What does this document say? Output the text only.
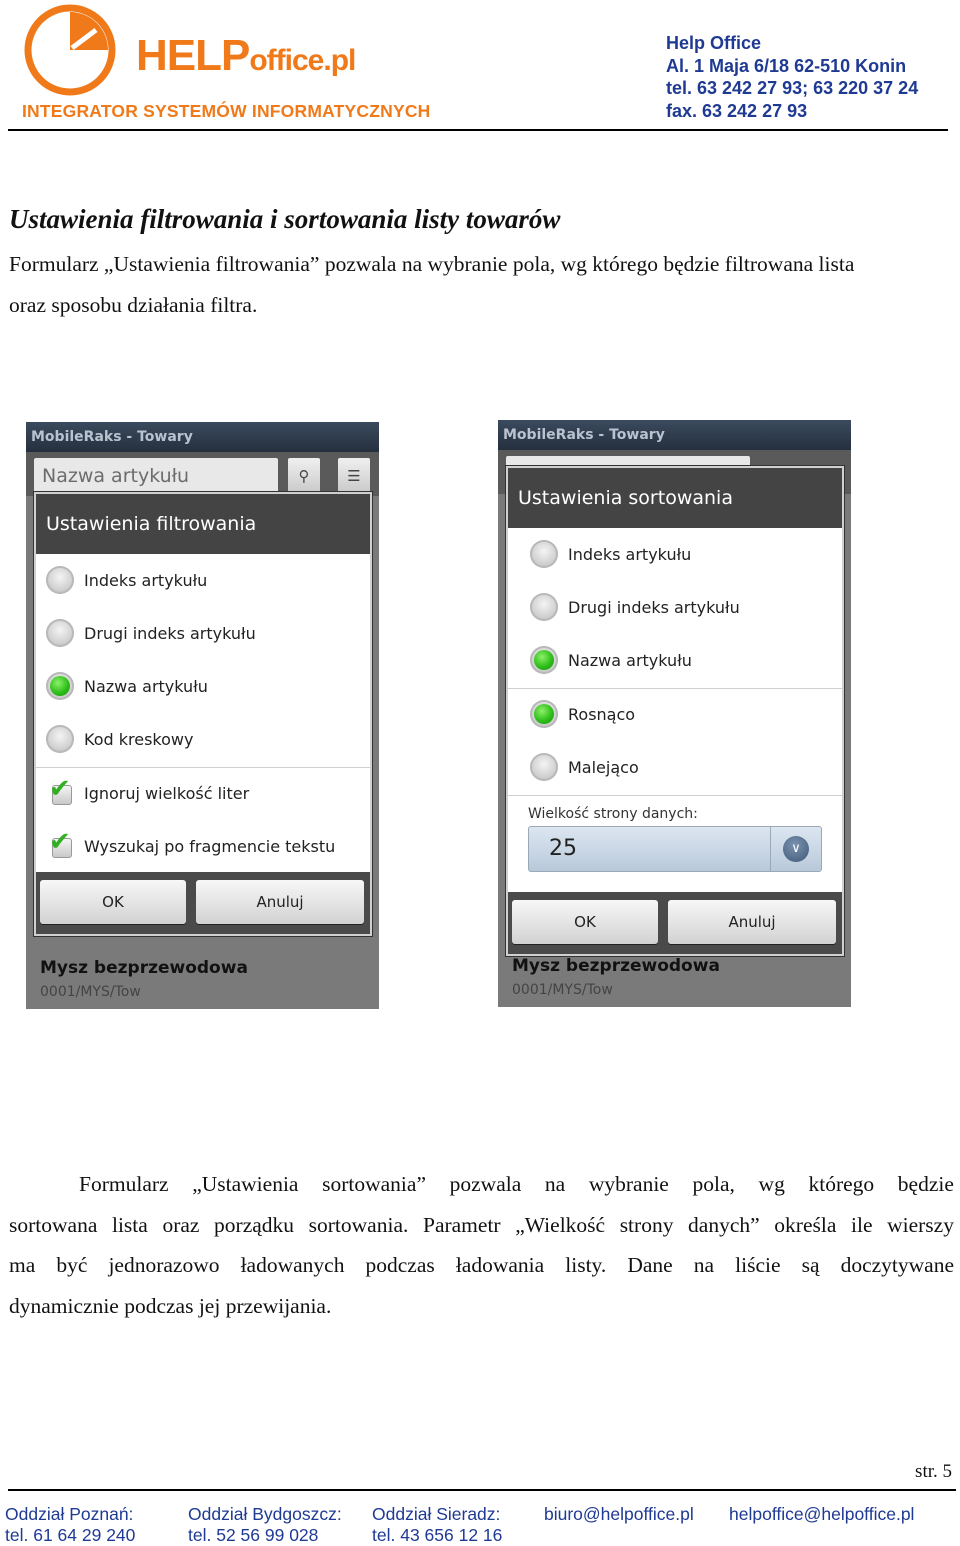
HELPoffice.pl
INTEGRATOR SYSTEMÓW INFORMATYCZNYCH
Help Office
Al. 1 Maja 6/18 62-510 Konin
tel. 63 242 27 93; 63 220 37 24
fax. 63 242 27 93
Ustawienia filtrowania i sortowania listy towarów
Formularz „Ustawienia filtrowania” pozwala na wybranie pola, wg którego będzie filtrowana lista
oraz sposobu działania filtra.
MobileRaks - Towary
Nazwa artykułu	⚲	☰
Mysz bezprzewodowa
0001/MYS/Tow
Ustawienia filtrowania
Indeks artykułu
Drugi indeks artykułu
Nazwa artykułu
Kod kreskowy
✔ Ignoruj wielkość liter
✔ Wyszukaj po fragmencie tekstu
OK	Anuluj
MobileRaks - Towary
Mysz bezprzewodowa
0001/MYS/Tow
Ustawienia sortowania
Indeks artykułu
Drugi indeks artykułu
Nazwa artykułu
Rosnąco
Malejąco
Wielkość strony danych:
25	∨
OK	Anuluj
Formularz „Ustawienia sortowania” pozwala na wybranie pola, wg którego będzie
sortowana lista oraz porządku sortowania. Parametr „Wielkość strony danych” określa ile wierszy
ma być jednorazowo ładowanych podczas ładowania listy. Dane na liście są doczytywane
dynamicznie podczas jej przewijania.
str. 5
Oddział Poznań:
tel. 61 64 29 240
Oddział Bydgoszcz:
tel. 52 56 99 028
Oddział Sieradz:
tel. 43 656 12 16
biuro@helpoffice.pl helpoffice@helpoffice.pl
